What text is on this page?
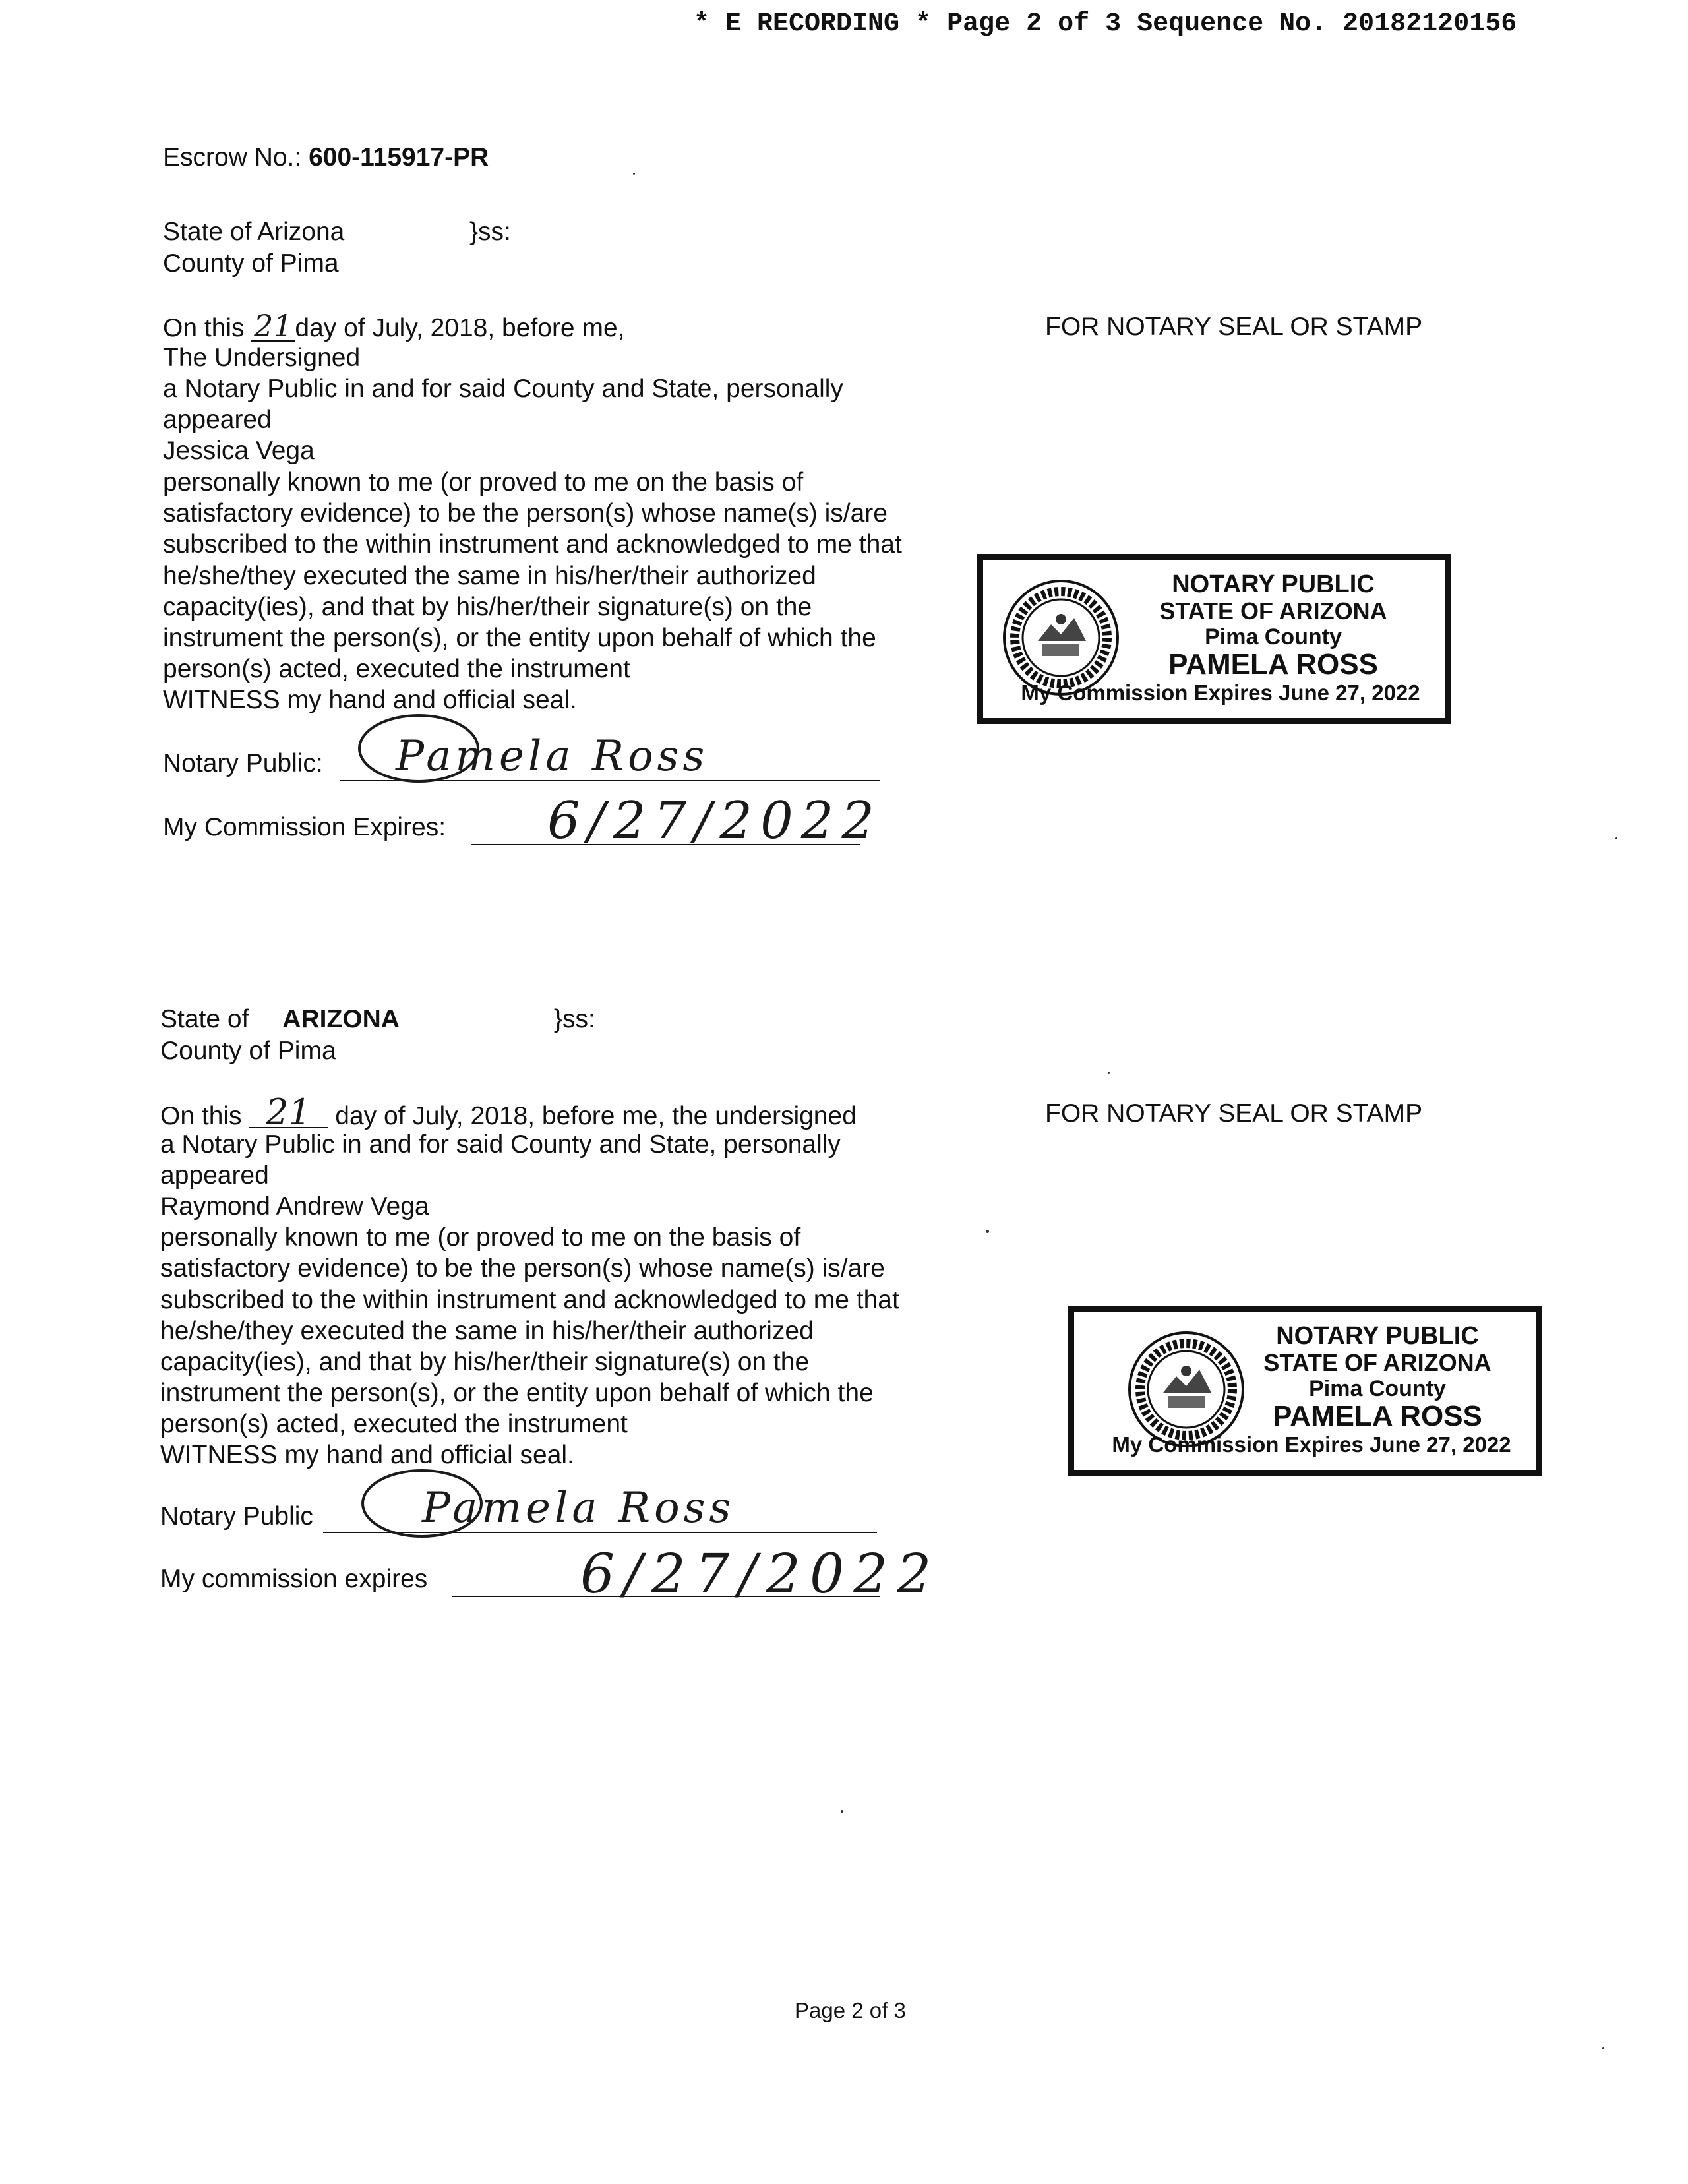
* E RECORDING * Page 2 of 3 Sequence No. 20182120156
Escrow No.: 600-115917-PR
State of Arizona	}ss:
County of Pima
On this 21day of July, 2018, before me,
The Undersigned
a Notary Public in and for said County and State, personally
appeared
Jessica Vega
personally known to me (or proved to me on the basis of
satisfactory evidence) to be the person(s) whose name(s) is/are
subscribed to the within instrument and acknowledged to me that
he/she/they executed the same in his/her/their authorized
capacity(ies), and that by his/her/their signature(s) on the
instrument the person(s), or the entity upon behalf of which the
person(s) acted, executed the instrument
WITNESS my hand and official seal.
Notary Public: Pamela Ross
My Commission Expires: 6/27/2022
FOR NOTARY SEAL OR STAMP
NOTARY PUBLIC
STATE OF ARIZONA
Pima County
PAMELA ROSS
My Commission Expires June 27, 2022
State of ARIZONA	}ss:
County of Pima
On this 21 day of July, 2018, before me, the undersigned
a Notary Public in and for said County and State, personally
appeared
Raymond Andrew Vega
personally known to me (or proved to me on the basis of
satisfactory evidence) to be the person(s) whose name(s) is/are
subscribed to the within instrument and acknowledged to me that
he/she/they executed the same in his/her/their authorized
capacity(ies), and that by his/her/their signature(s) on the
instrument the person(s), or the entity upon behalf of which the
person(s) acted, executed the instrument
WITNESS my hand and official seal.
Notary Public	Pamela Ross
My commission expires	6/27/2022
FOR NOTARY SEAL OR STAMP
NOTARY PUBLIC
STATE OF ARIZONA
Pima County
PAMELA ROSS
My Commission Expires June 27, 2022
Page 2 of 3
